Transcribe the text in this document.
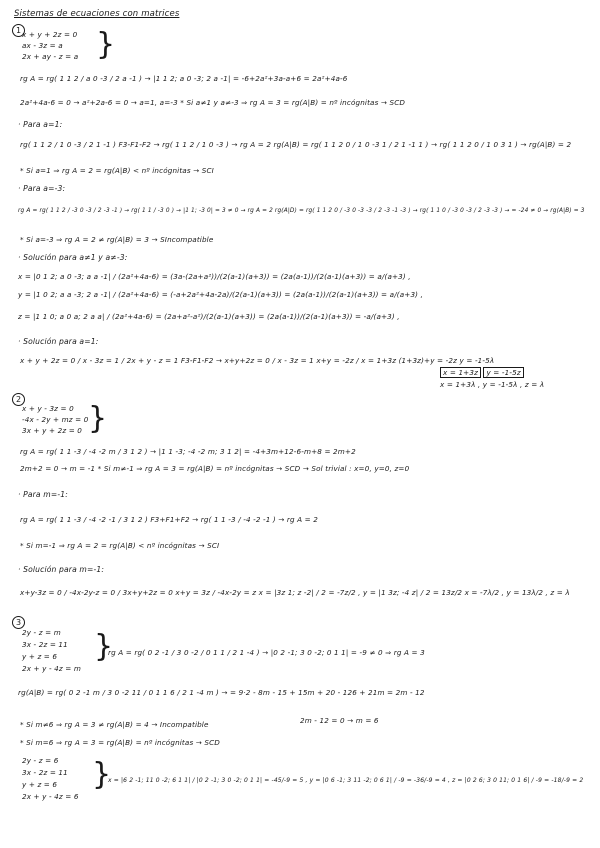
Sistemas de ecuaciones con matrices
1 x + y + 2z = 0
ax - 3z = a
2x + ay - z = a }
rg A = rg( 1 1 2 / a 0 -3 / 2 a -1 ) → |1 1 2; a 0 -3; 2 a -1| = -6+2a²+3a-a+6 = 2a²+4a-6
2a²+4a-6 = 0 → a²+2a-6 = 0 → a=1, a=-3 * Si a≠1 y a≠-3 ⇒ rg A = 3 = rg(A|B) = nº incógnitas → SCD
· Para a=1:
rg( 1 1 2 / 1 0 -3 / 2 1 -1 ) F3-F1-F2 → rg( 1 1 2 / 1 0 -3 ) → rg A = 2 rg(A|B) = rg( 1 1 2 0 / 1 0 -3 1 / 2 1 -1 1 ) → rg( 1 1 2 0 / 1 0 3 1 ) → rg(A|B) = 2
* Si a=1 ⇒ rg A = 2 = rg(A|B) < nº incógnitas → SCI
· Para a=-3:
rg A = rg( 1 1 2 / -3 0 -3 / 2 -3 -1 ) → rg( 1 1 / -3 0 ) → |1 1; -3 0| = 3 ≠ 0 → rg A = 2 rg(A|D) = rg( 1 1 2 0 / -3 0 -3 -3 / 2 -3 -1 -3 ) → rg( 1 1 0 / -3 0 -3 / 2 -3 -3 ) → = -24 ≠ 0 → rg(A|B) = 3
* Si a=-3 ⇒ rg A = 2 ≠ rg(A|B) = 3 → SIncompatible
· Solución para a≠1 y a≠-3:
x = |0 1 2; a 0 -3; a a -1| / (2a²+4a-6) = (3a-(2a+a²))/(2(a-1)(a+3)) = (2a(a-1))/(2(a-1)(a+3)) = a/(a+3) ,
y = |1 0 2; a a -3; 2 a -1| / (2a²+4a-6) = (-a+2a²+4a-2a)/(2(a-1)(a+3)) = (2a(a-1))/(2(a-1)(a+3)) = a/(a+3) ,
z = |1 1 0; a 0 a; 2 a a| / (2a²+4a-6) = (2a+a²-a²)/(2(a-1)(a+3)) = (2a(a-1))/(2(a-1)(a+3)) = -a/(a+3) ,
· Solución para a=1:
x + y + 2z = 0 / x - 3z = 1 / 2x + y - z = 1 F3-F1-F2 → x+y+2z = 0 / x - 3z = 1 x+y = -2z / x = 1+3z (1+3z)+y = -2z y = -1-5λ
x = 1+3z y = -1-5z
x = 1+3λ , y = -1-5λ , z = λ
2
x + y - 3z = 0
-4x - 2y + mz = 0
3x + y + 2z = 0 }
rg A = rg( 1 1 -3 / -4 -2 m / 3 1 2 ) → |1 1 -3; -4 -2 m; 3 1 2| = -4+3m+12-6-m+8 = 2m+2
2m+2 = 0 → m = -1 * Si m≠-1 ⇒ rg A = 3 = rg(A|B) = nº incógnitas → SCD → Sol trivial : x=0, y=0, z=0
· Para m=-1:
rg A = rg( 1 1 -3 / -4 -2 -1 / 3 1 2 ) F3+F1+F2 → rg( 1 1 -3 / -4 -2 -1 ) → rg A = 2
* Si m=-1 ⇒ rg A = 2 = rg(A|B) < nº incógnitas → SCI
· Solución para m=-1:
x+y-3z = 0 / -4x-2y-z = 0 / 3x+y+2z = 0 x+y = 3z / -4x-2y = z x = |3z 1; z -2| / 2 = -7z/2 , y = |1 3z; -4 z| / 2 = 13z/2 x = -7λ/2 , y = 13λ/2 , z = λ
3
2y - z = m
3x - 2z = 11
y + z = 6
2x + y - 4z = m
}
rg A = rg( 0 2 -1 / 3 0 -2 / 0 1 1 / 2 1 -4 ) → |0 2 -1; 3 0 -2; 0 1 1| = -9 ≠ 0 ⇒ rg A = 3
rg(A|B) = rg( 0 2 -1 m / 3 0 -2 11 / 0 1 1 6 / 2 1 -4 m ) → = 9·2 - 8m - 15 + 15m + 20 - 126 + 21m = 2m - 12
2m - 12 = 0 → m = 6
* Si m≠6 ⇒ rg A = 3 ≠ rg(A|B) = 4 → Incompatible
* Si m=6 ⇒ rg A = 3 = rg(A|B) = nº incógnitas → SCD
2y - z = 6
3x - 2z = 11
y + z = 6
2x + y - 4z = 6
}
x = |6 2 -1; 11 0 -2; 6 1 1| / |0 2 -1; 3 0 -2; 0 1 1| = -45/-9 = 5 , y = |0 6 -1; 3 11 -2; 0 6 1| / -9 = -36/-9 = 4 , z = |0 2 6; 3 0 11; 0 1 6| / -9 = -18/-9 = 2
